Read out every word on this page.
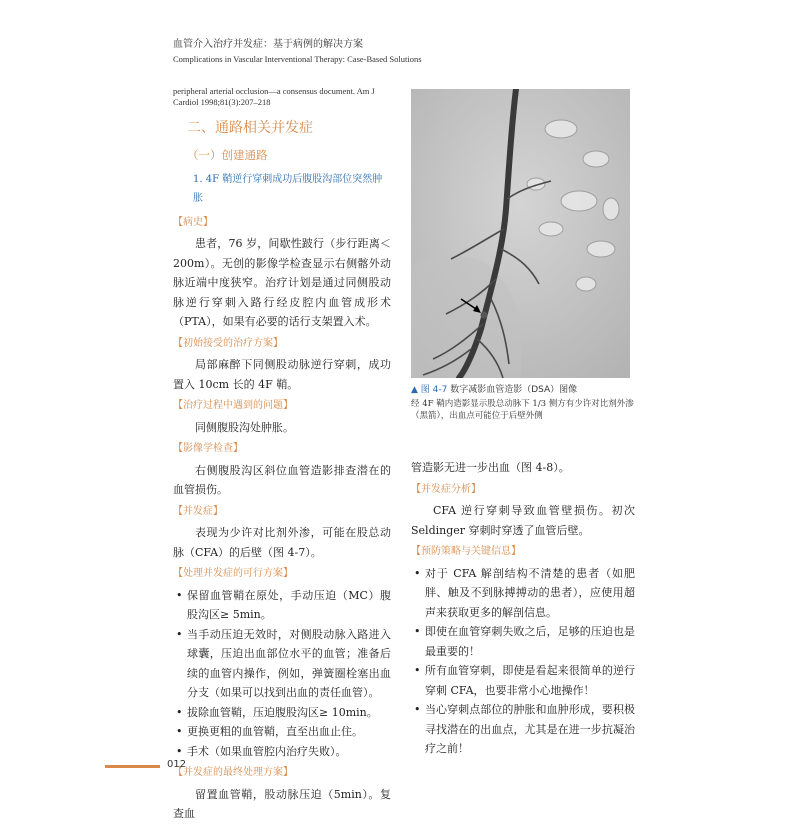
血管介入治疗并发症：基于病例的解决方案
Complications in Vascular Interventional Therapy: Case-Based Solutions
peripheral arterial occlusion—a consensus document. Am J Cardiol 1998;81(3):207–218
二、通路相关并发症
（一）创建通路
1. 4F 鞘逆行穿刺成功后腹股沟部位突然肿胀
【病史】

患者，76 岁，间歇性跛行（步行距离＜200m）。无创的影像学检查显示右侧髂外动脉近端中度狭窄。治疗计划是通过同侧股动脉逆行穿刺入路行经皮腔内血管成形术（PTA），如果有必要的话行支架置入术。

【初始接受的治疗方案】

局部麻醉下同侧股动脉逆行穿刺，成功置入 10cm 长的 4F 鞘。

【治疗过程中遇到的问题】

同侧腹股沟处肿胀。

【影像学检查】

右侧腹股沟区斜位血管造影排查潜在的血管损伤。

【并发症】

表现为少许对比剂外渗，可能在股总动脉（CFA）的后壁（图 4-7）。

【处理并发症的可行方案】
• 保留血管鞘在原处，手动压迫（MC）腹股沟区≥ 5min。
• 当手动压迫无效时，对侧股动脉入路进入球囊，压迫出血部位水平的血管；准备后续的血管内操作，例如，弹簧圈栓塞出血分支（如果可以找到出血的责任血管）。
• 拔除血管鞘，压迫腹股沟区≥ 10min。
• 更换更粗的血管鞘，直至出血止住。
• 手术（如果血管腔内治疗失败）。
【并发症的最终处理方案】

留置血管鞘，股动脉压迫（5min）。复查血

▲ 图 4-7 数字减影血管造影（DSA）图像
经 4F 鞘内造影显示股总动脉下 1/3 侧方有少许对比剂外渗（黑箭），出血点可能位于后壁外侧

管造影无进一步出血（图 4-8）。

【并发症分析】

CFA 逆行穿刺导致血管壁损伤。初次 Seldinger 穿刺时穿透了血管后壁。

【预防策略与关键信息】
• 对于 CFA 解剖结构不清楚的患者（如肥胖、触及不到脉搏搏动的患者），应使用超声来获取更多的解剖信息。
• 即使在血管穿刺失败之后，足够的压迫也是最重要的！
• 所有血管穿刺，即使是看起来很简单的逆行穿刺 CFA，也要非常小心地操作！
• 当心穿刺点部位的肿胀和血肿形成，要积极寻找潜在的出血点，尤其是在进一步抗凝治疗之前！
012
